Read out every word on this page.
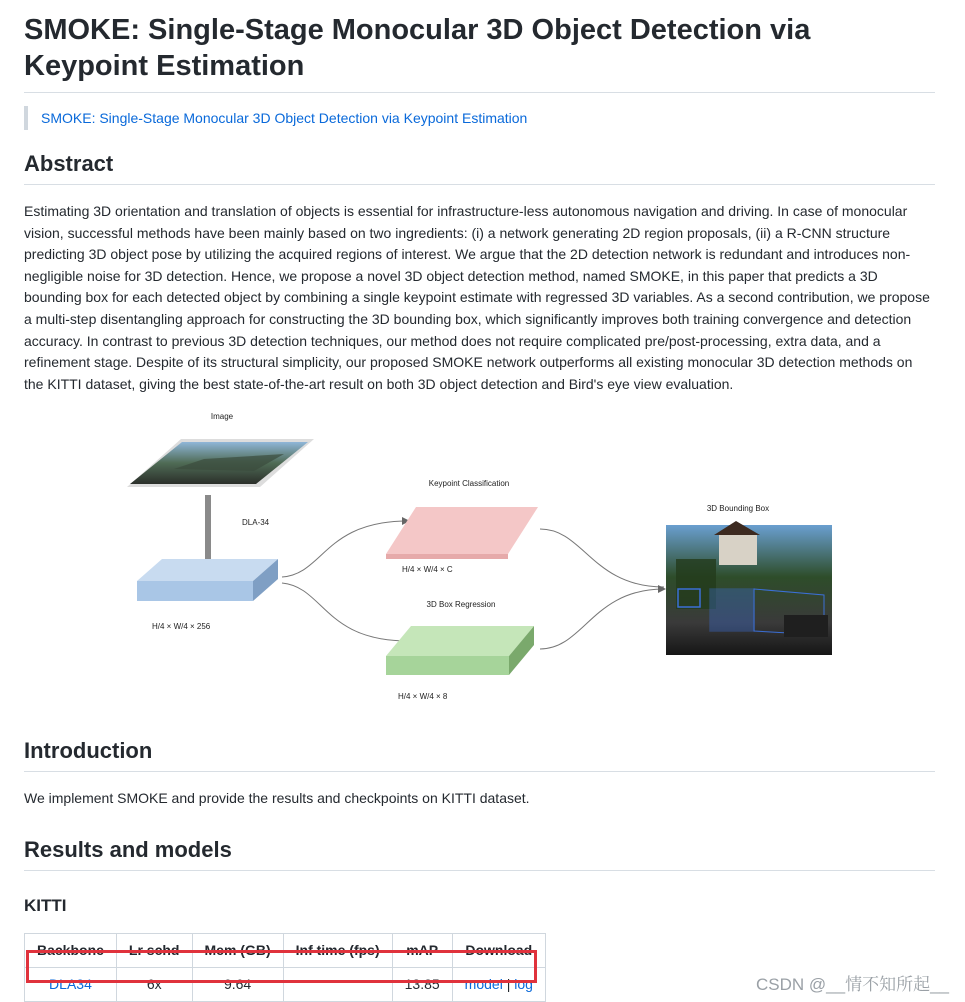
SMOKE: Single-Stage Monocular 3D Object Detection via Keypoint Estimation
SMOKE: Single-Stage Monocular 3D Object Detection via Keypoint Estimation
Abstract

Estimating 3D orientation and translation of objects is essential for infrastructure-less autonomous navigation and driving. In case of monocular vision, successful methods have been mainly based on two ingredients: (i) a network generating 2D region proposals, (ii) a R-CNN structure predicting 3D object pose by utilizing the acquired regions of interest. We argue that the 2D detection network is redundant and introduces non-negligible noise for 3D detection. Hence, we propose a novel 3D object detection method, named SMOKE, in this paper that predicts a 3D bounding box for each detected object by combining a single keypoint estimate with regressed 3D variables. As a second contribution, we propose a multi-step disentangling approach for constructing the 3D bounding box, which significantly improves both training convergence and detection accuracy. In contrast to previous 3D detection techniques, our method does not require complicated pre/post-processing, extra data, and a refinement stage. Despite of its structural simplicity, our proposed SMOKE network outperforms all existing monocular 3D detection methods on the KITTI dataset, giving the best state-of-the-art result on both 3D object detection and Bird's eye view evaluation.

Image
DLA-34
H/4 × W/4 × 256
Keypoint Classification
H/4 × W/4 × C
3D Box Regression
H/4 × W/4 × 8
3D Bounding Box
Introduction

We implement SMOKE and provide the results and checkpoints on KITTI dataset.

Results and models
KITTI
Backbone	Lr schd	Mem (GB)	Inf time (fps)	mAP	Download
DLA34	6x	9.64		13.85	model | log	CSDN @__情不知所起__
